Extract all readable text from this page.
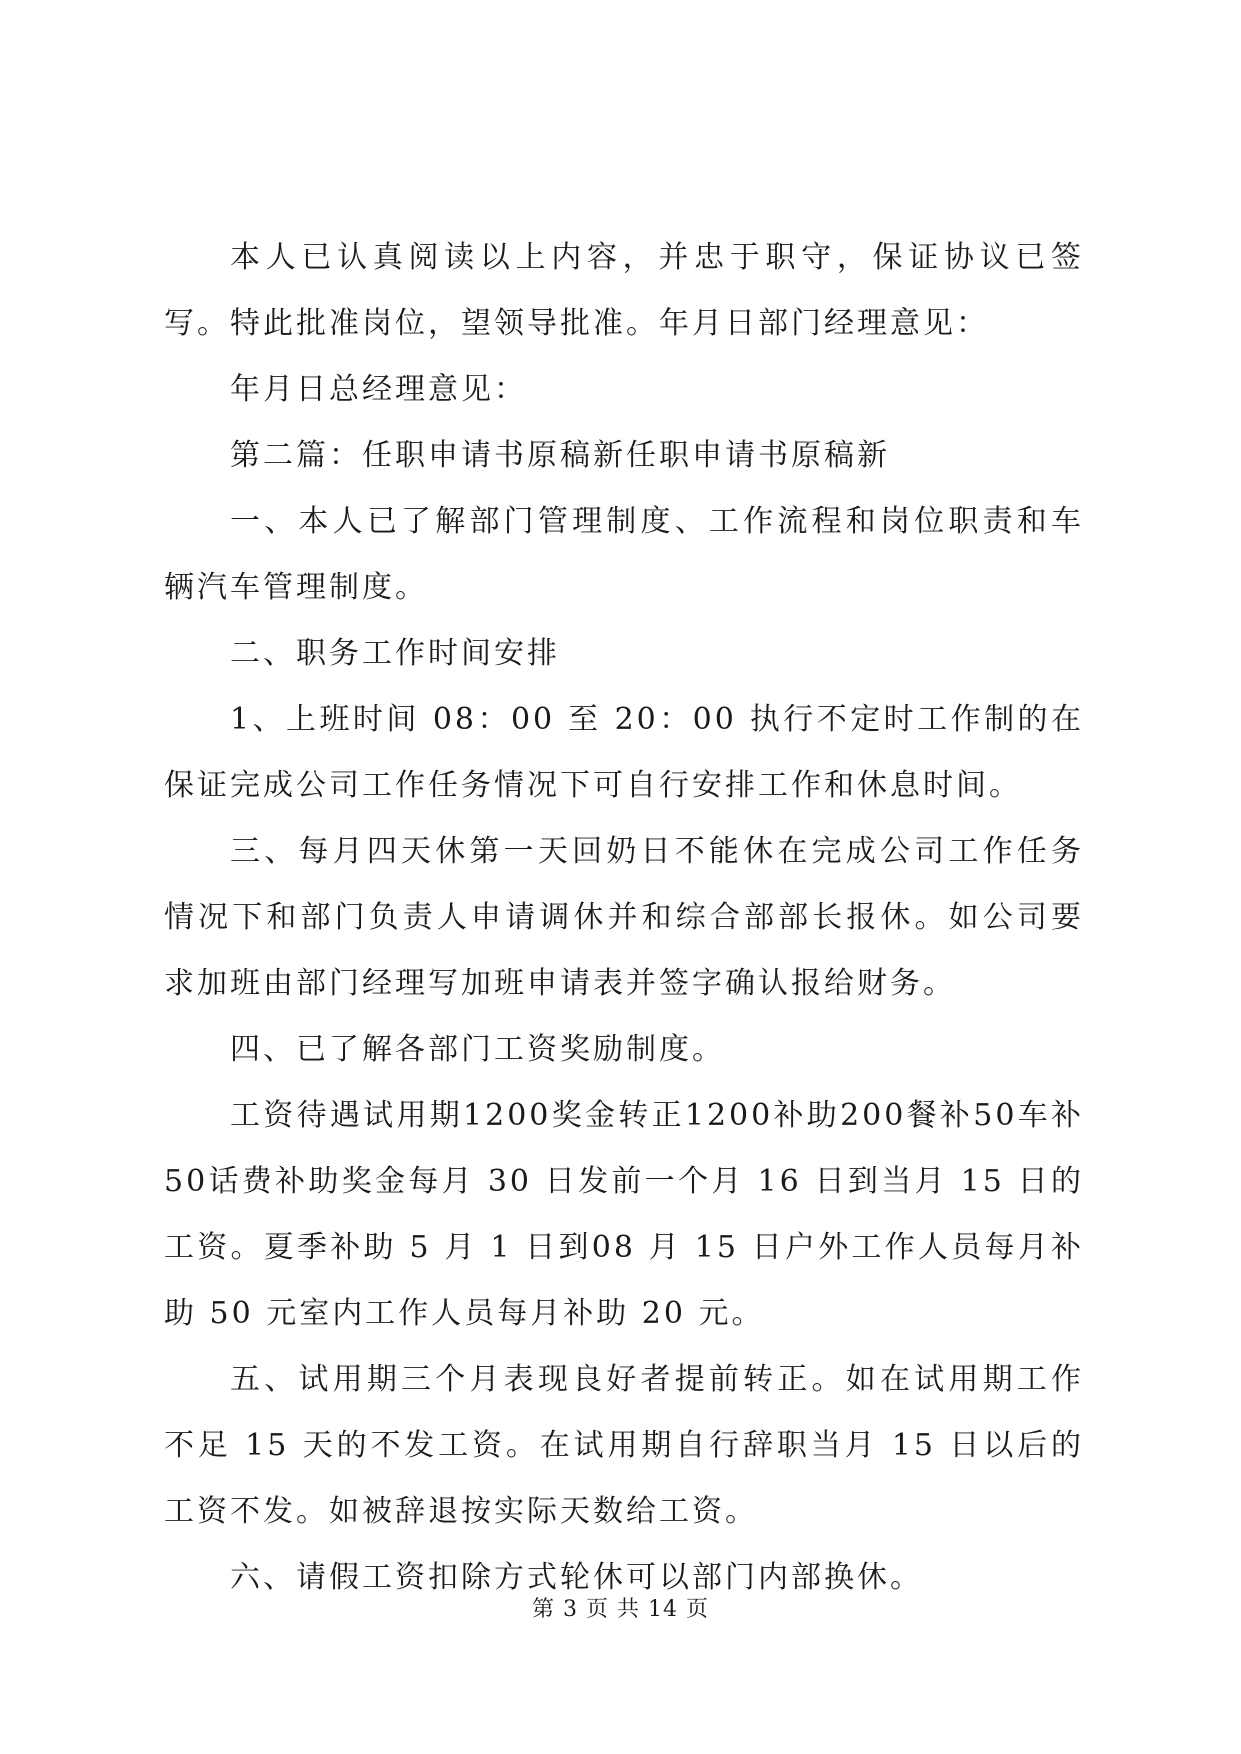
本人已认真阅读以上内容，并忠于职守，保证协议已签写。特此批准岗位，望领导批准。年月日部门经理意见：

年月日总经理意见：

第二篇：任职申请书原稿新任职申请书原稿新

一、本人已了解部门管理制度、工作流程和岗位职责和车辆汽车管理制度。

二、职务工作时间安排

1、上班时间 08：00 至 20：00 执行不定时工作制的在保证完成公司工作任务情况下可自行安排工作和休息时间。

三、每月四天休第一天回奶日不能休在完成公司工作任务情况下和部门负责人申请调休并和综合部部长报休。如公司要求加班由部门经理写加班申请表并签字确认报给财务。

四、已了解各部门工资奖励制度。

工资待遇试用期1200奖金转正1200补助200餐补50车补50话费补助奖金每月 30 日发前一个月 16 日到当月 15 日的工资。夏季补助 5 月 1 日到08 月 15 日户外工作人员每月补助 50 元室内工作人员每月补助 20 元。

五、试用期三个月表现良好者提前转正。如在试用期工作不足 15 天的不发工资。在试用期自行辞职当月 15 日以后的工资不发。如被辞退按实际天数给工资。

六、请假工资扣除方式轮休可以部门内部换休。

第 3 页 共 14 页
